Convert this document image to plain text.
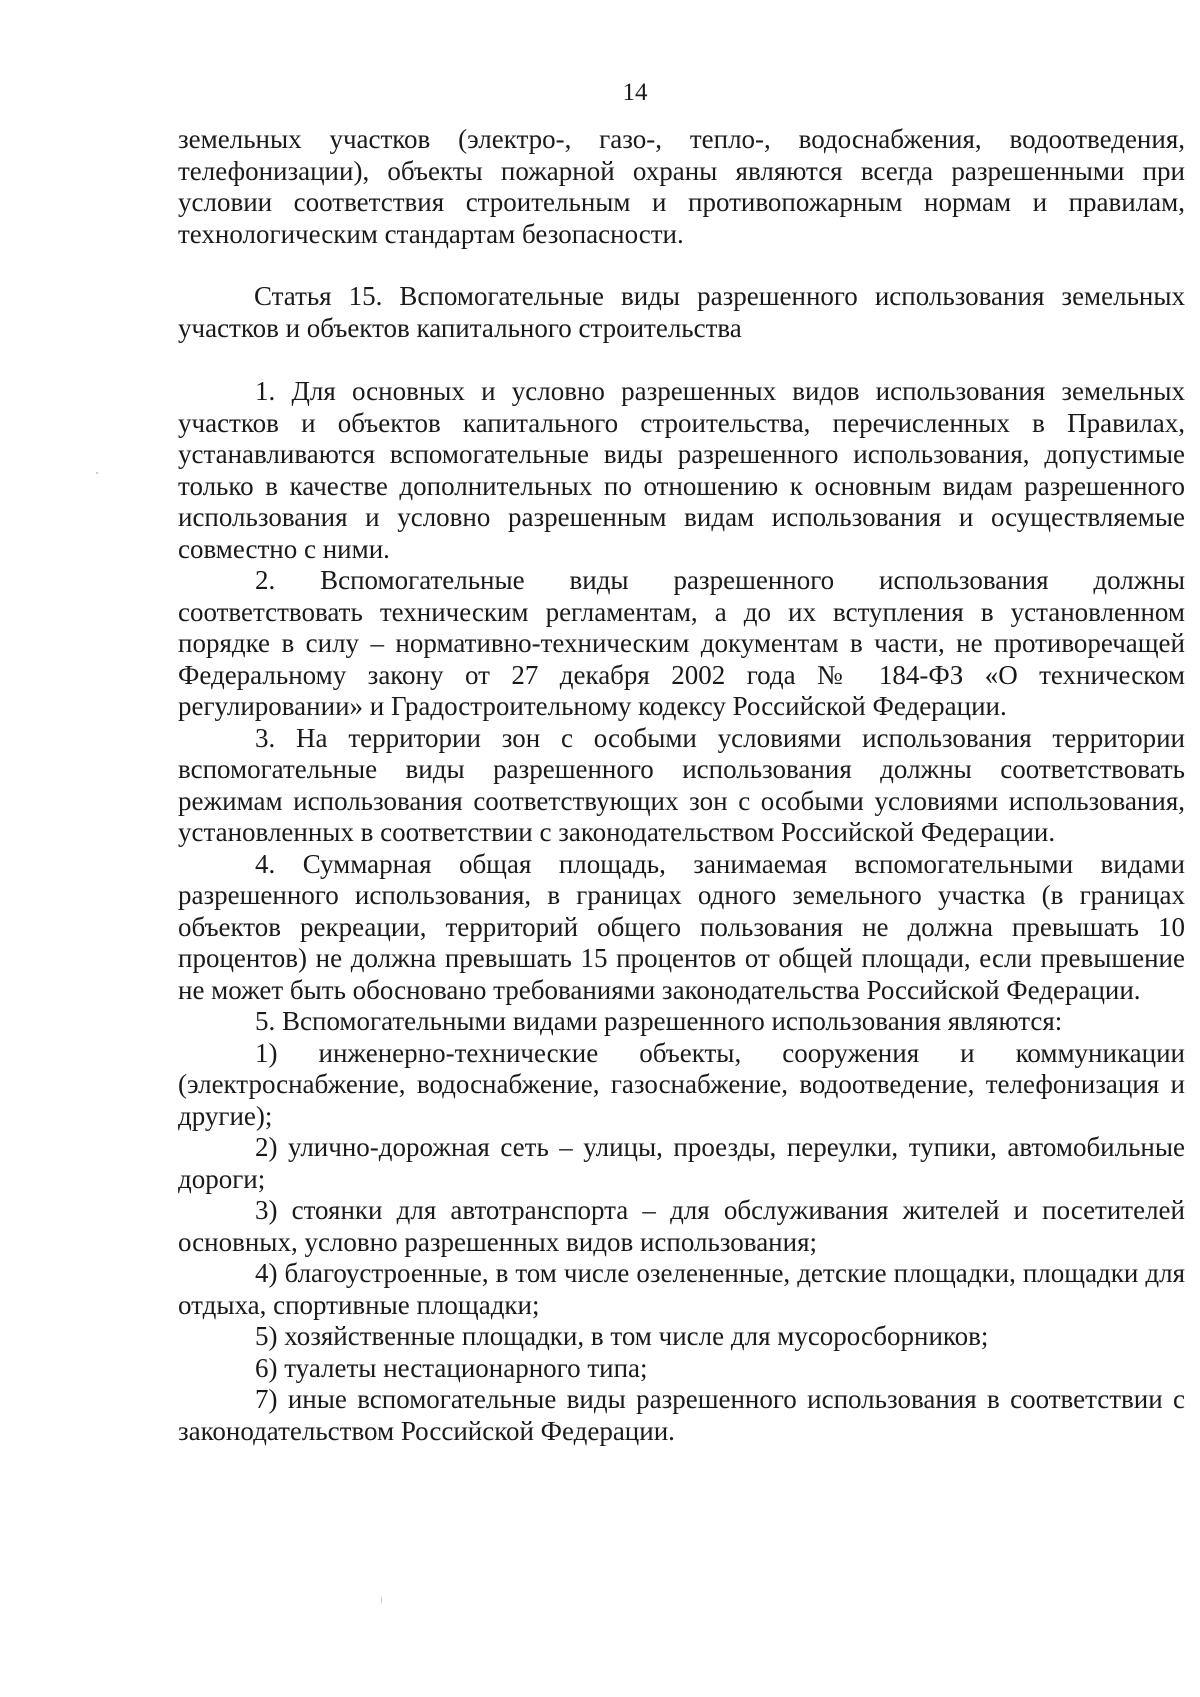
14

земельных участков (электро-, газо-, тепло-, водоснабжения, водоотведения, телефонизации), объекты пожарной охраны являются всегда разрешенными при условии соответствия строительным и противопожарным нормам и правилам, технологическим стандартам безопасности.

Статья 15. Вспомогательные виды разрешенного использования земельных участков и объектов капитального строительства

1. Для основных и условно разрешенных видов использования земельных участков и объектов капитального строительства, перечисленных в Правилах, устанавливаются вспомогательные виды разрешенного использования, допустимые только в качестве дополнительных по отношению к основным видам разрешенного использования и условно разрешенным видам использования и осуществляемые совместно с ними.

2. Вспомогательные виды разрешенного использования должны соответствовать техническим регламентам, а до их вступления в установленном порядке в силу – нормативно-техническим документам в части, не противоречащей Федеральному закону от 27 декабря 2002 года № 184-ФЗ «О техническом регулировании» и Градостроительному кодексу Российской Федерации.

3. На территории зон с особыми условиями использования территории вспомогательные виды разрешенного использования должны соответствовать режимам использования соответствующих зон с особыми условиями использования, установленных в соответствии с законодательством Российской Федерации.

4. Суммарная общая площадь, занимаемая вспомогательными видами разрешенного использования, в границах одного земельного участка (в границах объектов рекреации, территорий общего пользования не должна превышать 10 процентов) не должна превышать 15 процентов от общей площади, если превышение не может быть обосновано требованиями законодательства Российской Федерации.

5. Вспомогательными видами разрешенного использования являются:

1) инженерно-технические объекты, сооружения и коммуникации (электроснабжение, водоснабжение, газоснабжение, водоотведение, телефонизация и другие);

2) улично-дорожная сеть – улицы, проезды, переулки, тупики, автомобильные дороги;

3) стоянки для автотранспорта – для обслуживания жителей и посетителей основных, условно разрешенных видов использования;

4) благоустроенные, в том числе озелененные, детские площадки, площадки для отдыха, спортивные площадки;

5) хозяйственные площадки, в том числе для мусоросборников;

6) туалеты нестационарного типа;

7) иные вспомогательные виды разрешенного использования в соответствии с законодательством Российской Федерации.
